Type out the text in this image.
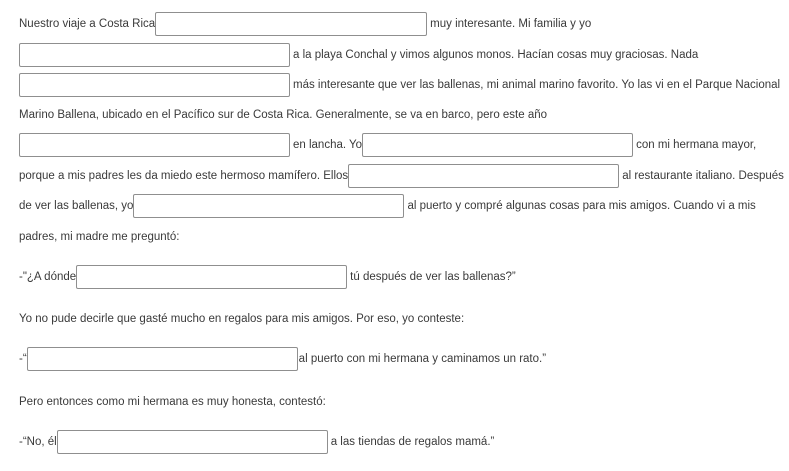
Nuestro viaje a Costa Rica	muy interesante. Mi familia y yo
a la playa Conchal y vimos algunos monos. Hacían cosas muy graciosas. Nada
más interesante que ver las ballenas, mi animal marino favorito. Yo las vi en el Parque Nacional
Marino Ballena, ubicado en el Pacífico sur de Costa Rica. Generalmente, se va en barco, pero este año
en lancha. Yo	con mi hermana mayor,
porque a mis padres les da miedo este hermoso mamífero. Ellos	al restaurante italiano. Después
de ver las ballenas, yo	al puerto y compré algunas cosas para mis amigos. Cuando vi a mis
padres, mi madre me preguntó:
-"¿A dónde	tú después de ver las ballenas?”
Yo no pude decirle que gasté mucho en regalos para mis amigos. Por eso, yo conteste:
-“	al puerto con mi hermana y caminamos un rato.”
Pero entonces como mi hermana es muy honesta, contestó:
-“No, él	a las tiendas de regalos mamá.”
